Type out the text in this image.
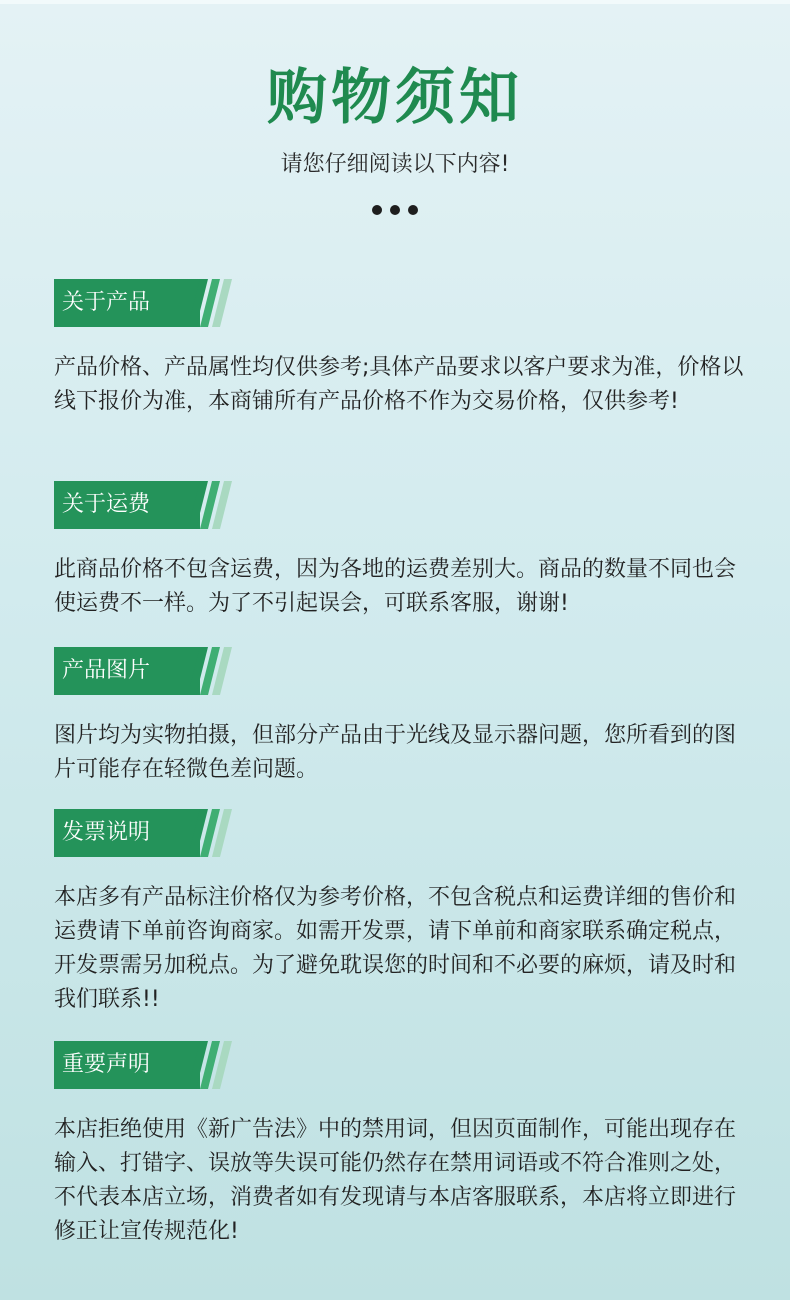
购物须知
请您仔细阅读以下内容!
关于产品
产品价格、产品属性均仅供参考;具体产品要求以客户要求为准，价格以线下报价为准，本商铺所有产品价格不作为交易价格，仅供参考!
关于运费
此商品价格不包含运费，因为各地的运费差别大。商品的数量不同也会使运费不一样。为了不引起误会，可联系客服，谢谢!
产品图片
图片均为实物拍摄，但部分产品由于光线及显示器问题，您所看到的图片可能存在轻微色差问题。
发票说明
本店多有产品标注价格仅为参考价格，不包含税点和运费详细的售价和运费请下单前咨询商家。如需开发票，请下单前和商家联系确定税点，开发票需另加税点。为了避免耽误您的时间和不必要的麻烦，请及时和我们联系!!
重要声明
本店拒绝使用《新广告法》中的禁用词，但因页面制作，可能出现存在输入、打错字、误放等失误可能仍然存在禁用词语或不符合准则之处，不代表本店立场，消费者如有发现请与本店客服联系，本店将立即进行修正让宣传规范化!
